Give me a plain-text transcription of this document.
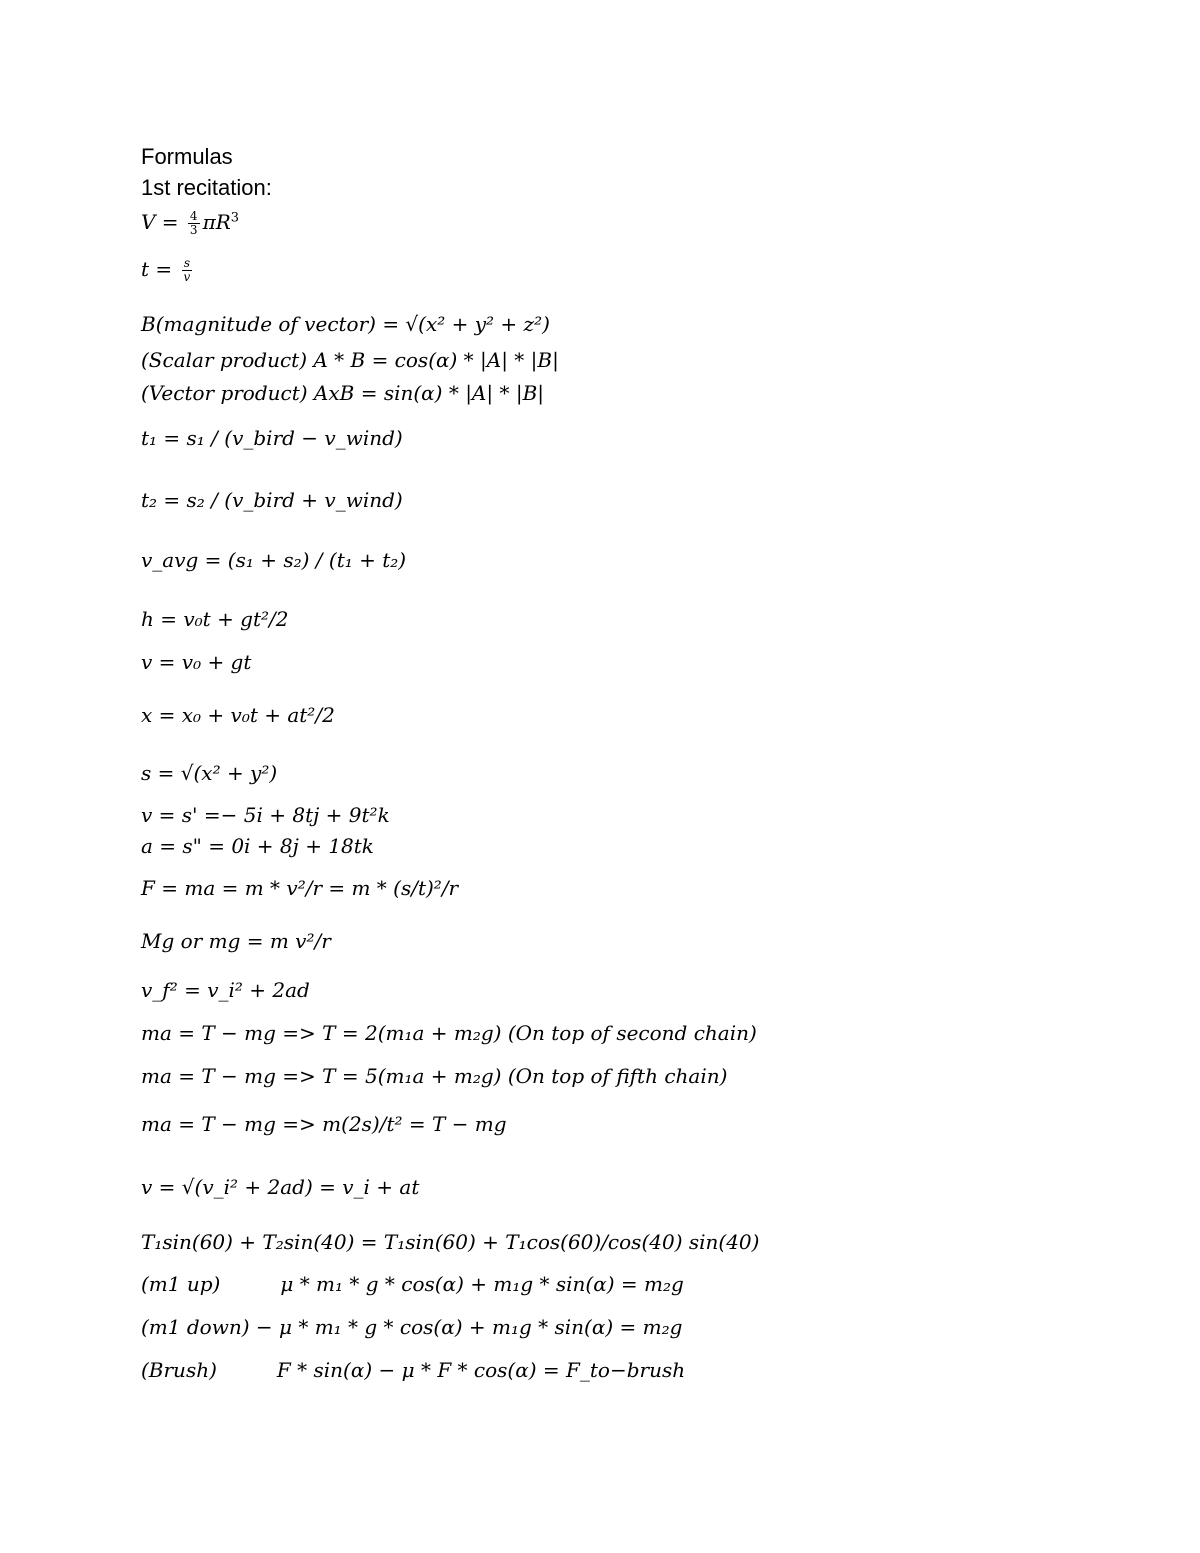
Formulas
1st recitation:
$V = \frac{4}{3} \pi R^3$
$t = \frac{s}{v}$
B(magnitude of vector) = √(x² + y² + z²)
(Scalar product) A * B = cos(α) * |A| * |B|
(Vector product) AxB = sin(α) * |A| * |B|
t₁ = s₁ / (v_bird − v_wind)
t₂ = s₂ / (v_bird + v_wind)
v_avg = (s₁ + s₂) / (t₁ + t₂)
h = v₀t + gt²/2
v = v₀ + gt
x = x₀ + v₀t + at²/2
s = √(x² + y²)
v = s' =− 5i + 8tj + 9t²k
a = s" = 0i + 8j + 18tk
F = ma = m * v²/r = m * (s/t)²/r
Mg or mg = m v²/r
v_f² = v_i² + 2ad
ma = T − mg => T = 2(m₁a + m₂g) (On top of second chain)
ma = T − mg => T = 5(m₁a + m₂g) (On top of fifth chain)
ma = T − mg => m(2s)/t² = T − mg
v = √(v_i² + 2ad) = v_i + at
T₁sin(60) + T₂sin(40) = T₁sin(60) + T₁cos(60)/cos(40) sin(40)
(m1 up)	μ * m₁ * g * cos(α) + m₁g * sin(α) = m₂g
(m1 down) − μ * m₁ * g * cos(α) + m₁g * sin(α) = m₂g
(Brush)	F * sin(α) − μ * F * cos(α) = F_to−brush
